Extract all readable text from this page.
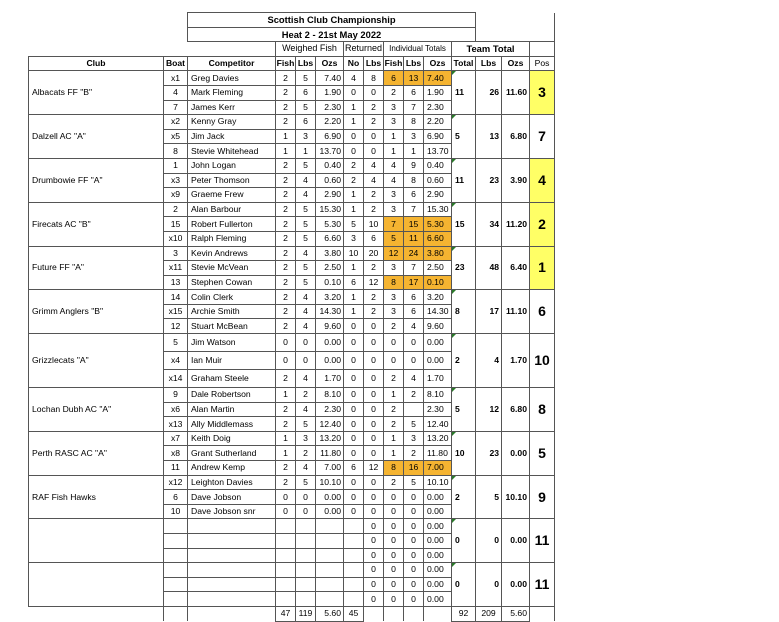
		Scottish Club Championship												
		Heat 2 - 21st May 2022												
			Weighed Fish			Returned		Individual Totals			Team Total			
Club	Boat	Competitor	Fish	Lbs	Ozs	No	Lbs	Fish	Lbs	Ozs	Total	Lbs	Ozs	Pos
Albacats FF "B"	x1	Greg Davies	2	5	7.40	4	8	6	13	7.40	11	26	11.60	3
	4	Mark Fleming	2	6	1.90	0	0	2	6	1.90				
	7	James Kerr	2	5	2.30	1	2	3	7	2.30				
Dalzell AC "A"	x2	Kenny Gray	2	6	2.20	1	2	3	8	2.20	5	13	6.80	7
	x5	Jim Jack	1	3	6.90	0	0	1	3	6.90				
	8	Stevie Whitehead	1	1	13.70	0	0	1	1	13.70				
Drumbowie FF "A"	1	John Logan	2	5	0.40	2	4	4	9	0.40	11	23	3.90	4
	x3	Peter Thomson	2	4	0.60	2	4	4	8	0.60				
	x9	Graeme Frew	2	4	2.90	1	2	3	6	2.90				
Firecats AC "B"	2	Alan Barbour	2	5	15.30	1	2	3	7	15.30	15	34	11.20	2
	15	Robert Fullerton	2	5	5.30	5	10	7	15	5.30				
	x10	Ralph Fleming	2	5	6.60	3	6	5	11	6.60				
Future FF "A"	3	Kevin Andrews	2	4	3.80	10	20	12	24	3.80	23	48	6.40	1
	x11	Stevie McVean	2	5	2.50	1	2	3	7	2.50				
	13	Stephen Cowan	2	5	0.10	6	12	8	17	0.10				
Grimm Anglers "B"	14	Colin Clerk	2	4	3.20	1	2	3	6	3.20	8	17	11.10	6
	x15	Archie Smith	2	4	14.30	1	2	3	6	14.30				
	12	Stuart McBean	2	4	9.60	0	0	2	4	9.60				
Grizzlecats "A"	5	Jim Watson	0	0	0.00	0	0	0	0	0.00	2	4	1.70	10
	x4	Ian Muir	0	0	0.00	0	0	0	0	0.00				
	x14	Graham Steele	2	4	1.70	0	0	2	4	1.70				
Lochan Dubh AC "A"	9	Dale Robertson	1	2	8.10	0	0	1	2	8.10	5	12	6.80	8
	x6	Alan Martin	2	4	2.30	0	0	2		2.30				
	x13	Ally Middlemass	2	5	12.40	0	0	2	5	12.40				
Perth RASC AC "A"	x7	Keith Doig	1	3	13.20	0	0	1	3	13.20	10	23	0.00	5
	x8	Grant Sutherland	1	2	11.80	0	0	1	2	11.80				
	11	Andrew Kemp	2	4	7.00	6	12	8	16	7.00				
RAF Fish Hawks	x12	Leighton Davies	2	5	10.10	0	0	2	5	10.10	2	5	10.10	9
	6	Dave Jobson	0	0	0.00	0	0	0	0	0.00				
	10	Dave Jobson snr	0	0	0.00	0	0	0	0	0.00				
							0	0	0	0.00	0	0	0.00	11
							0	0	0	0.00				
							0	0	0	0.00				
							0	0	0	0.00	0	0	0.00	11
							0	0	0	0.00				
							0	0	0	0.00				
			47	119	5.60	45					92	209	5.60	
